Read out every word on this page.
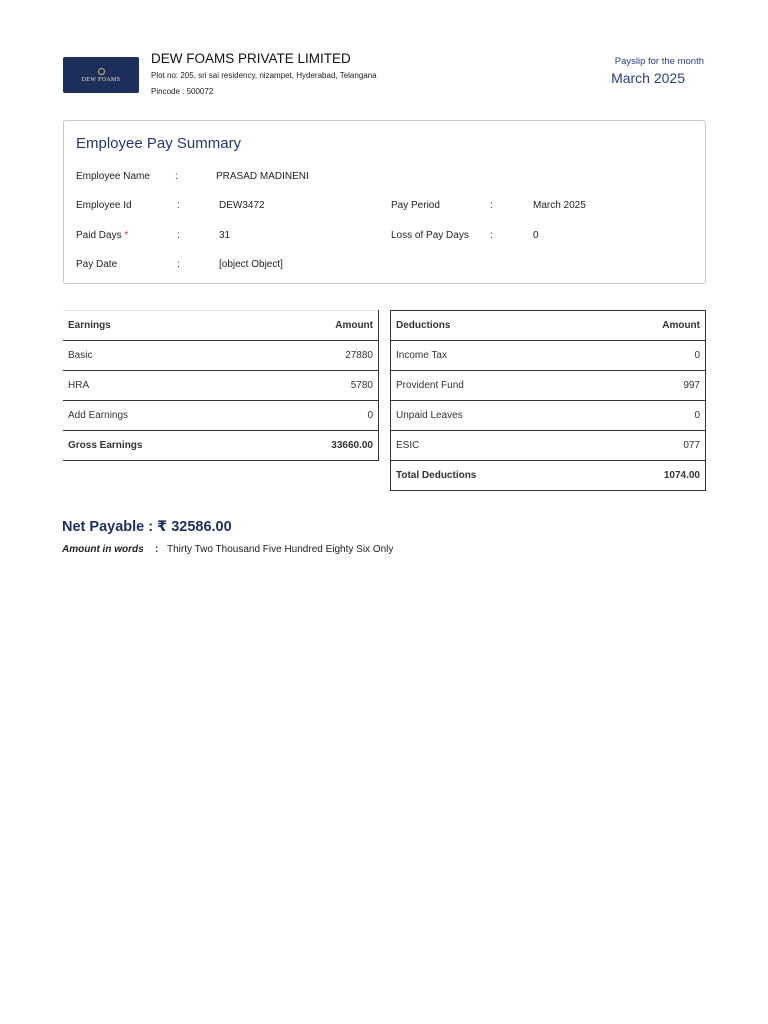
DEW FOAMS
DEW FOAMS PRIVATE LIMITED
Plot no: 205, sri sai residency, nizampet, Hyderabad, Telangana
Pincode : 500072
Payslip for the month
March 2025
Employee Pay Summary
Employee Name	:	PRASAD MADINENI
Employee Id	:	DEW3472	Pay Period	:	March 2025
Paid Days *	:	31	Loss of Pay Days :	0
Pay Date	:	[object Object]
Earnings	Amount
Basic	27880
HRA	5780
Add Earnings	0
Gross Earnings	33660.00
Deductions	Amount
Income Tax	0
Provident Fund	997
Unpaid Leaves	0
ESIC	077
Total Deductions	1074.00
Net Payable : ₹ 32586.00
Amount in words : Thirty Two Thousand Five Hundred Eighty Six Only
